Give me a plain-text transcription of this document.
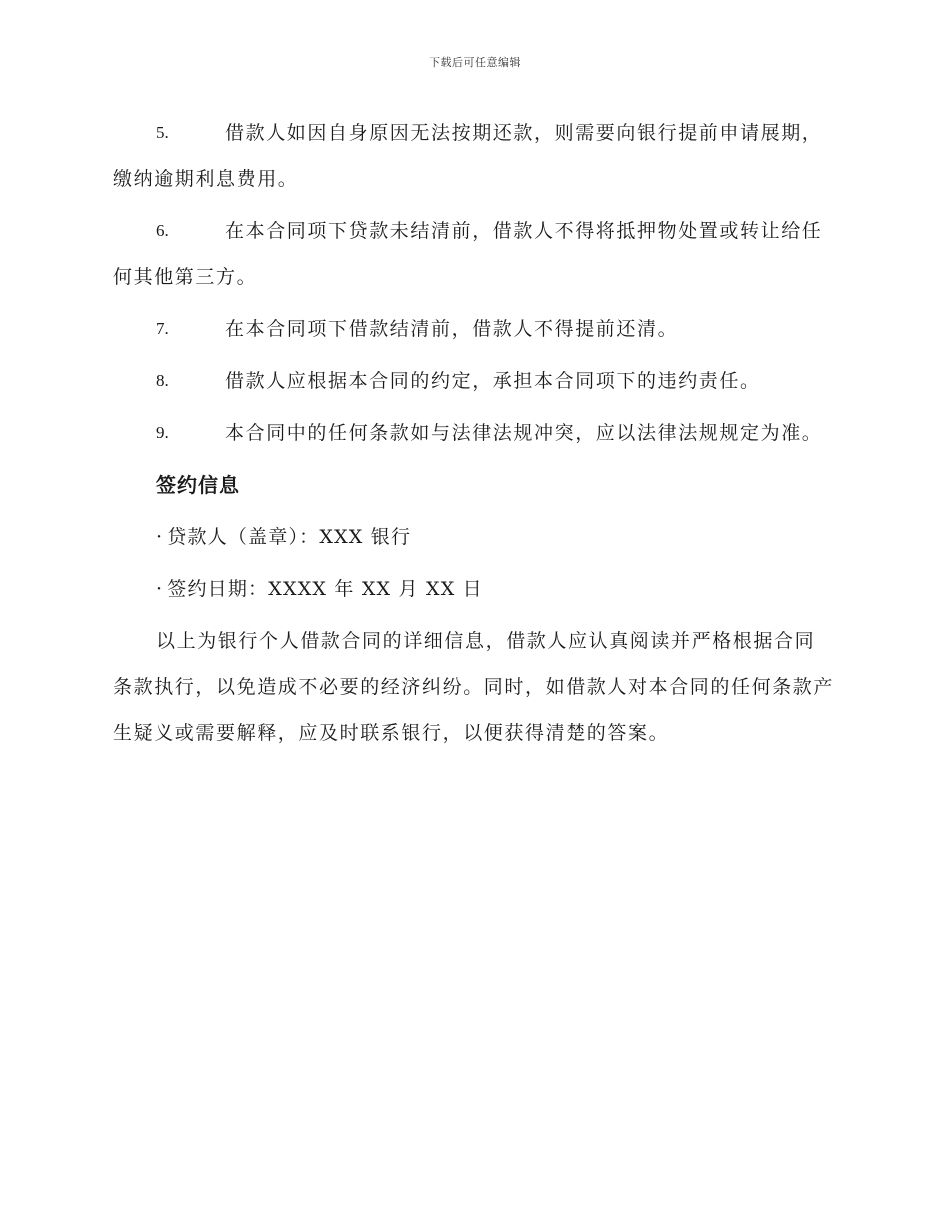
下载后可任意编辑
5.	借款人如因自身原因无法按期还款，则需要向银行提前申请展期，缴纳逾期利息费用。
6.	在本合同项下贷款未结清前，借款人不得将抵押物处置或转让给任何其他第三方。
7.	在本合同项下借款结清前，借款人不得提前还清。
8.	借款人应根据本合同的约定，承担本合同项下的违约责任。
9.	本合同中的任何条款如与法律法规冲突，应以法律法规规定为准。
签约信息
· 贷款人（盖章）：XXX 银行
· 签约日期：XXXX 年 XX 月 XX 日

以上为银行个人借款合同的详细信息，借款人应认真阅读并严格根据合同条款执行，以免造成不必要的经济纠纷。同时，如借款人对本合同的任何条款产生疑义或需要解释，应及时联系银行，以便获得清楚的答案。
